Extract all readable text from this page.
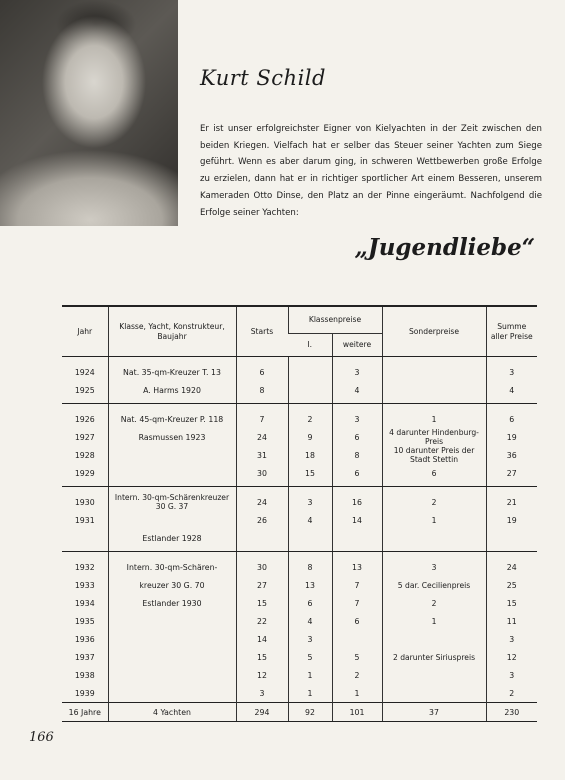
Kurt Schild

Er ist unser erfolgreichster Eigner von Kielyachten in der Zeit zwischen den beiden Kriegen. Vielfach hat er selber das Steuer seiner Yachten zum Siege geführt. Wenn es aber darum ging, in schweren Wettbewerben große Erfolge zu erzielen, dann hat er in richtiger sportlicher Art einem Besseren, unserem Kameraden Otto Dinse, den Platz an der Pinne eingeräumt. Nachfolgend die Erfolge seiner Yachten:

„Jugendliebe“
Jahr	Klasse, Yacht, Konstrukteur, Baujahr	Starts	Klassenpreise		Sonderpreise	Summe aller Preise
			I.	weitere		
1924	Nat. 35-qm-Kreuzer T. 13	6		3		3
1925	A. Harms 1920	8		4		4
1926	Nat. 45-qm-Kreuzer P. 118	7	2	3	1	6
1927	Rasmussen 1923	24	9	6	4 darunter Hindenburg-Preis	19
1928		31	18	8	10 darunter Preis der Stadt Stettin	36
1929		30	15	6	6	27
1930	Intern. 30-qm-Schärenkreuzer 30 G. 37	24	3	16	2	21
1931		26	4	14	1	19
	Estlander 1928					
1932	Intern. 30-qm-Schären-	30	8	13	3	24
1933	kreuzer 30 G. 70	27	13	7	5 dar. Cecilienpreis	25
1934	Estlander 1930	15	6	7	2	15
1935		22	4	6	1	11
1936		14	3			3
1937		15	5	5	2 darunter Siriuspreis	12
1938		12	1	2		3
1939		3	1	1		2
16 Jahre	4 Yachten	294	92	101	37	230

166
